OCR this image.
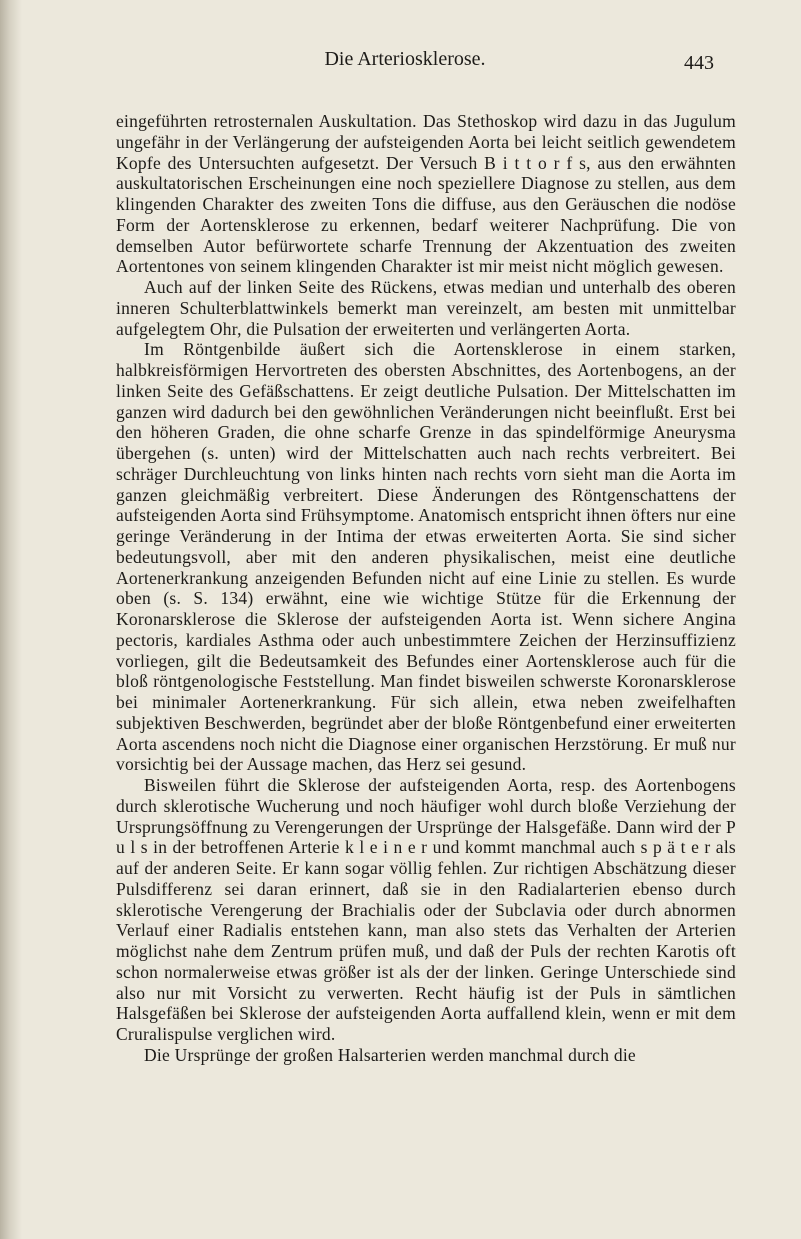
Die Arteriosklerose.	443

eingeführten retrosternalen Auskultation. Das Stethoskop wird dazu in das Jugulum ungefähr in der Verlängerung der aufsteigenden Aorta bei leicht seitlich gewendetem Kopfe des Untersuchten aufgesetzt. Der Versuch B i t t o r f s, aus den erwähnten auskultatorischen Erscheinungen eine noch speziellere Diagnose zu stellen, aus dem klingenden Charakter des zweiten Tons die diffuse, aus den Geräuschen die nodöse Form der Aortensklerose zu erkennen, bedarf weiterer Nachprüfung. Die von demselben Autor befürwortete scharfe Trennung der Akzentuation des zweiten Aortentones von seinem klingenden Charakter ist mir meist nicht möglich gewesen.

Auch auf der linken Seite des Rückens, etwas median und unterhalb des oberen inneren Schulterblattwinkels bemerkt man vereinzelt, am besten mit unmittelbar aufgelegtem Ohr, die Pulsation der erweiterten und verlängerten Aorta.

Im Röntgenbilde äußert sich die Aortensklerose in einem starken, halbkreisförmigen Hervortreten des obersten Abschnittes, des Aortenbogens, an der linken Seite des Gefäßschattens. Er zeigt deutliche Pulsation. Der Mittelschatten im ganzen wird dadurch bei den gewöhnlichen Veränderungen nicht beeinflußt. Erst bei den höheren Graden, die ohne scharfe Grenze in das spindelförmige Aneurysma übergehen (s. unten) wird der Mittelschatten auch nach rechts verbreitert. Bei schräger Durchleuchtung von links hinten nach rechts vorn sieht man die Aorta im ganzen gleichmäßig verbreitert. Diese Änderungen des Röntgenschattens der aufsteigenden Aorta sind Frühsymptome. Anatomisch entspricht ihnen öfters nur eine geringe Veränderung in der Intima der etwas erweiterten Aorta. Sie sind sicher bedeutungsvoll, aber mit den anderen physikalischen, meist eine deutliche Aortenerkrankung anzeigenden Befunden nicht auf eine Linie zu stellen. Es wurde oben (s. S. 134) erwähnt, eine wie wichtige Stütze für die Erkennung der Koronarsklerose die Sklerose der aufsteigenden Aorta ist. Wenn sichere Angina pectoris, kardiales Asthma oder auch unbestimmtere Zeichen der Herzinsuffizienz vorliegen, gilt die Bedeutsamkeit des Befundes einer Aortensklerose auch für die bloß röntgenologische Feststellung. Man findet bisweilen schwerste Koronarsklerose bei minimaler Aortenerkrankung. Für sich allein, etwa neben zweifelhaften subjektiven Beschwerden, begründet aber der bloße Röntgenbefund einer erweiterten Aorta ascendens noch nicht die Diagnose einer organischen Herzstörung. Er muß nur vorsichtig bei der Aussage machen, das Herz sei gesund.

Bisweilen führt die Sklerose der aufsteigenden Aorta, resp. des Aortenbogens durch sklerotische Wucherung und noch häufiger wohl durch bloße Verziehung der Ursprungsöffnung zu Verengerungen der Ursprünge der Halsgefäße. Dann wird der P u l s in der betroffenen Arterie k l e i n e r und kommt manchmal auch s p ä t e r als auf der anderen Seite. Er kann sogar völlig fehlen. Zur richtigen Abschätzung dieser Pulsdifferenz sei daran erinnert, daß sie in den Radialarterien ebenso durch sklerotische Verengerung der Brachialis oder der Subclavia oder durch abnormen Verlauf einer Radialis entstehen kann, man also stets das Verhalten der Arterien möglichst nahe dem Zentrum prüfen muß, und daß der Puls der rechten Karotis oft schon normalerweise etwas größer ist als der der linken. Geringe Unterschiede sind also nur mit Vorsicht zu verwerten. Recht häufig ist der Puls in sämtlichen Halsgefäßen bei Sklerose der aufsteigenden Aorta auffallend klein, wenn er mit dem Cruralispulse verglichen wird.

Die Ursprünge der großen Halsarterien werden manchmal durch die
